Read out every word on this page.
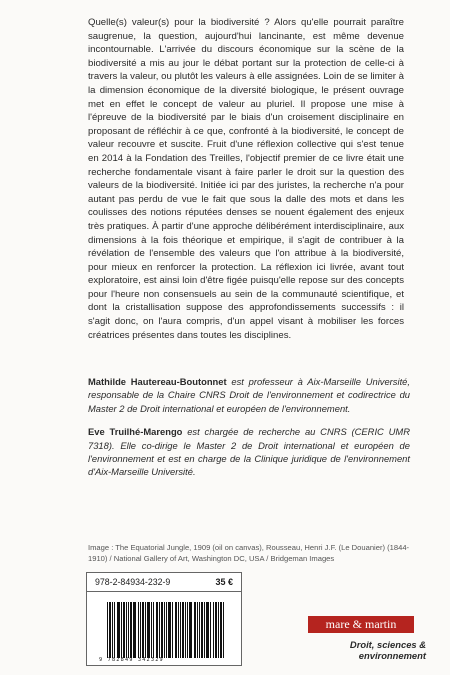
Quelle(s) valeur(s) pour la biodiversité ? Alors qu'elle pourrait paraître saugrenue, la question, aujourd'hui lancinante, est même devenue incontournable. L'arrivée du discours économique sur la scène de la biodiversité a mis au jour le débat portant sur la protection de celle-ci à travers la valeur, ou plutôt les valeurs à elle assignées. Loin de se limiter à la dimension économique de la diversité biologique, le présent ouvrage met en effet le concept de valeur au pluriel. Il propose une mise à l'épreuve de la biodiversité par le biais d'un croisement disciplinaire en proposant de réfléchir à ce que, confronté à la biodiversité, le concept de valeur recouvre et suscite. Fruit d'une réflexion collective qui s'est tenue en 2014 à la Fondation des Treilles, l'objectif premier de ce livre était une recherche fondamentale visant à faire parler le droit sur la question des valeurs de la biodiversité. Initiée ici par des juristes, la recherche n'a pour autant pas perdu de vue le fait que sous la dalle des mots et dans les coulisses des notions réputées denses se nouent également des enjeux très pratiques. À partir d'une approche délibérément interdisciplinaire, aux dimensions à la fois théorique et empirique, il s'agit de contribuer à la révélation de l'ensemble des valeurs que l'on attribue à la biodiversité, pour mieux en renforcer la protection. La réflexion ici livrée, avant tout exploratoire, est ainsi loin d'être figée puisqu'elle repose sur des concepts pour l'heure non consensuels au sein de la communauté scientifique, et dont la cristallisation suppose des approfondissements successifs : il s'agit donc, on l'aura compris, d'un appel visant à mobiliser les forces créatrices présentes dans toutes les disciplines.

Mathilde Hautereau-Boutonnet est professeur à Aix-Marseille Université, responsable de la Chaire CNRS Droit de l'environnement et codirectrice du Master 2 de Droit international et européen de l'environnement.

Eve Truilhé-Marengo est chargée de recherche au CNRS (CERIC UMR 7318). Elle co-dirige le Master 2 de Droit international et européen de l'environnement et est en charge de la Clinique juridique de l'environnement d'Aix-Marseille Université.

Image : The Equatorial Jungle, 1909 (oil on canvas), Rousseau, Henri J.F. (Le Douanier) (1844-1910) / National Gallery of Art, Washington DC, USA / Bridgeman Images
978-2-84934-232-9	35 €
9 782849 342329
mare & martin
Droit, sciences & environnement
